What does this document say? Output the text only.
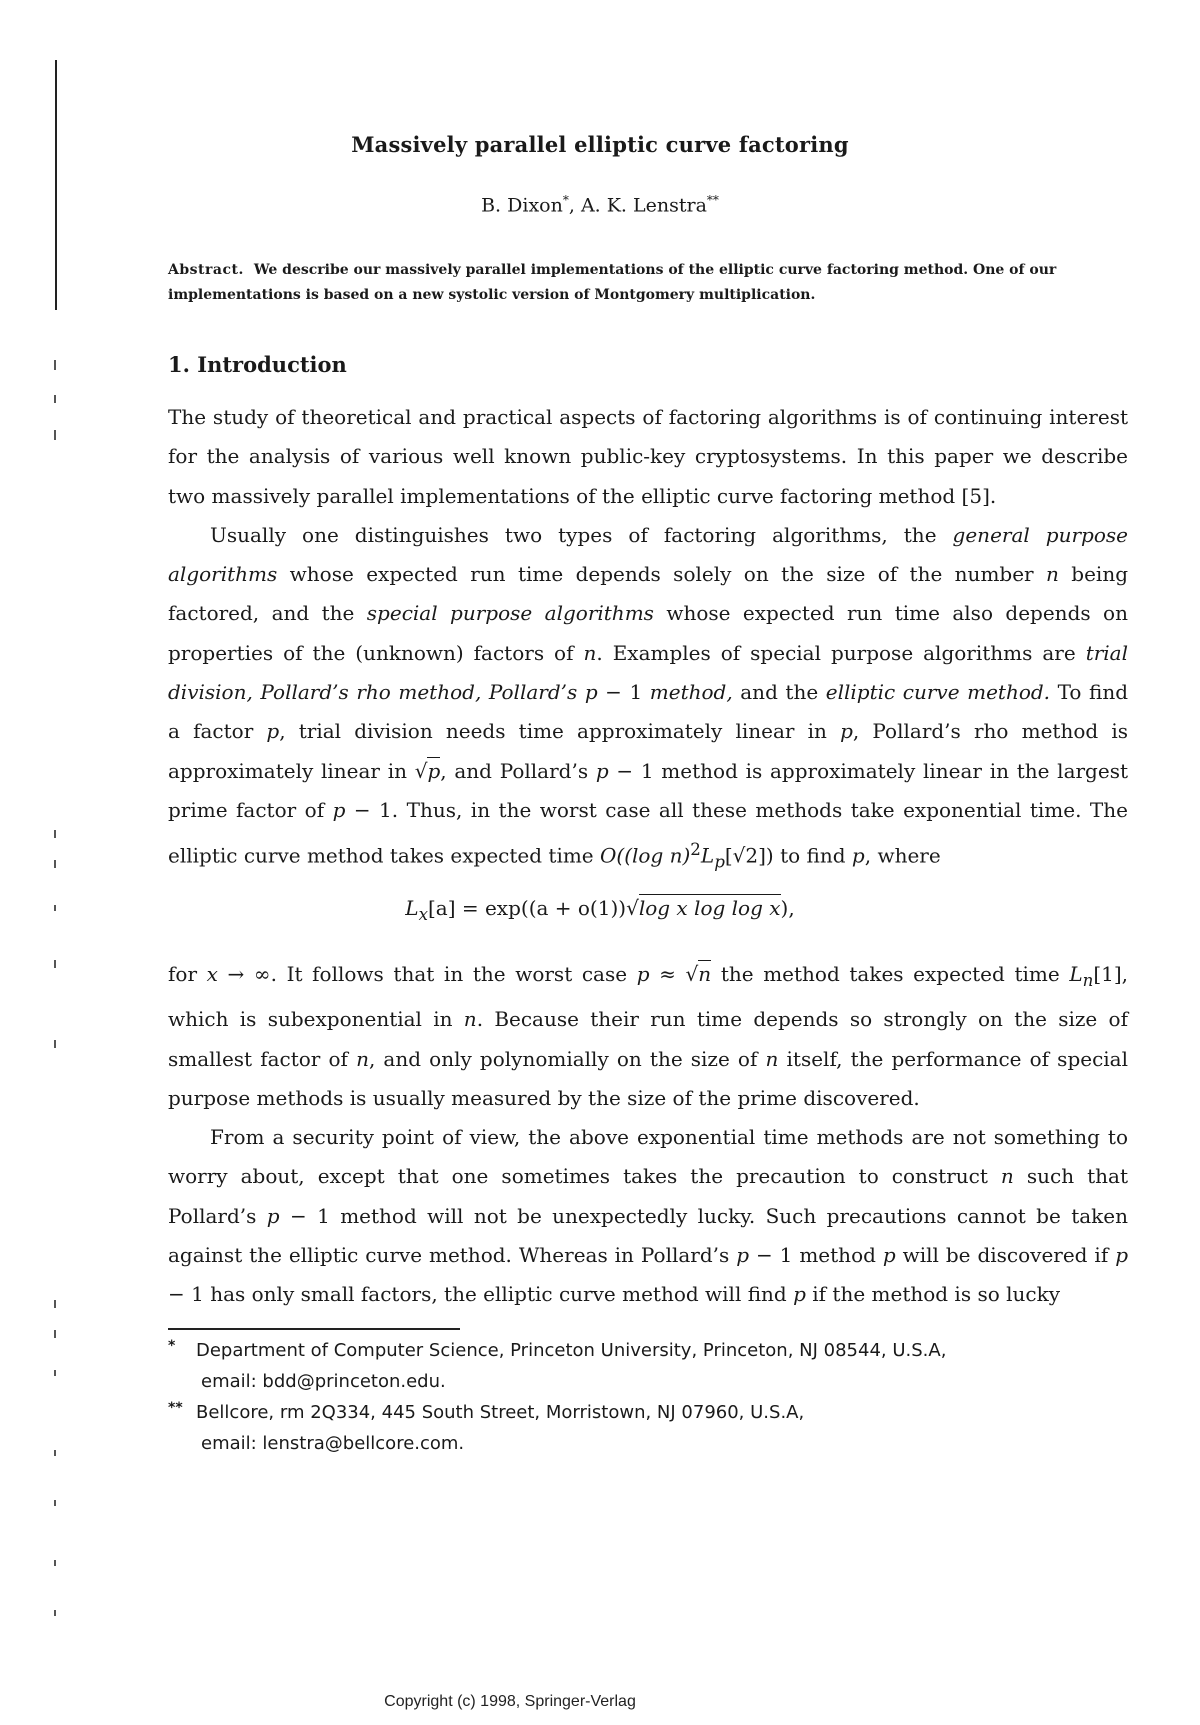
Massively parallel elliptic curve factoring
B. Dixon*, A. K. Lenstra**
Abstract. We describe our massively parallel implementations of the elliptic curve factoring method. One of our implementations is based on a new systolic version of Montgomery multiplication.
1. Introduction

The study of theoretical and practical aspects of factoring algorithms is of continuing interest for the analysis of various well known public-key cryptosystems. In this paper we describe two massively parallel implementations of the elliptic curve factoring method [5].

Usually one distinguishes two types of factoring algorithms, the general purpose algorithms whose expected run time depends solely on the size of the number n being factored, and the special purpose algorithms whose expected run time also depends on properties of the (unknown) factors of n. Examples of special purpose algorithms are trial division, Pollard’s rho method, Pollard’s p − 1 method, and the elliptic curve method. To find a factor p, trial division needs time approximately linear in p, Pollard’s rho method is approximately linear in √p, and Pollard’s p − 1 method is approximately linear in the largest prime factor of p − 1. Thus, in the worst case all these methods take exponential time. The elliptic curve method takes expected time O((log $n)^2L_p[√2]$) to find p, where

$L_x[a] = \exp((a + o(1))√\log$ x log log x),

for x → ∞. It follows that in the worst case p ≈ √n the method takes expected time $L_n[1]$, which is subexponential in n. Because their run time depends so strongly on the size of smallest factor of n, and only polynomially on the size of n itself, the performance of special purpose methods is usually measured by the size of the prime discovered.

From a security point of view, the above exponential time methods are not something to worry about, except that one sometimes takes the precaution to construct n such that Pollard’s p − 1 method will not be unexpectedly lucky. Such precautions cannot be taken against the elliptic curve method. Whereas in Pollard’s p − 1 method p will be discovered if p − 1 has only small factors, the elliptic curve method will find p if the method is so lucky

* Department of Computer Science, Princeton University, Princeton, NJ 08544, U.S.A,
email: bdd@princeton.edu.
** Bellcore, rm 2Q334, 445 South Street, Morristown, NJ 07960, U.S.A,
email: lenstra@bellcore.com.
Copyright (c) 1998, Springer-Verlag
